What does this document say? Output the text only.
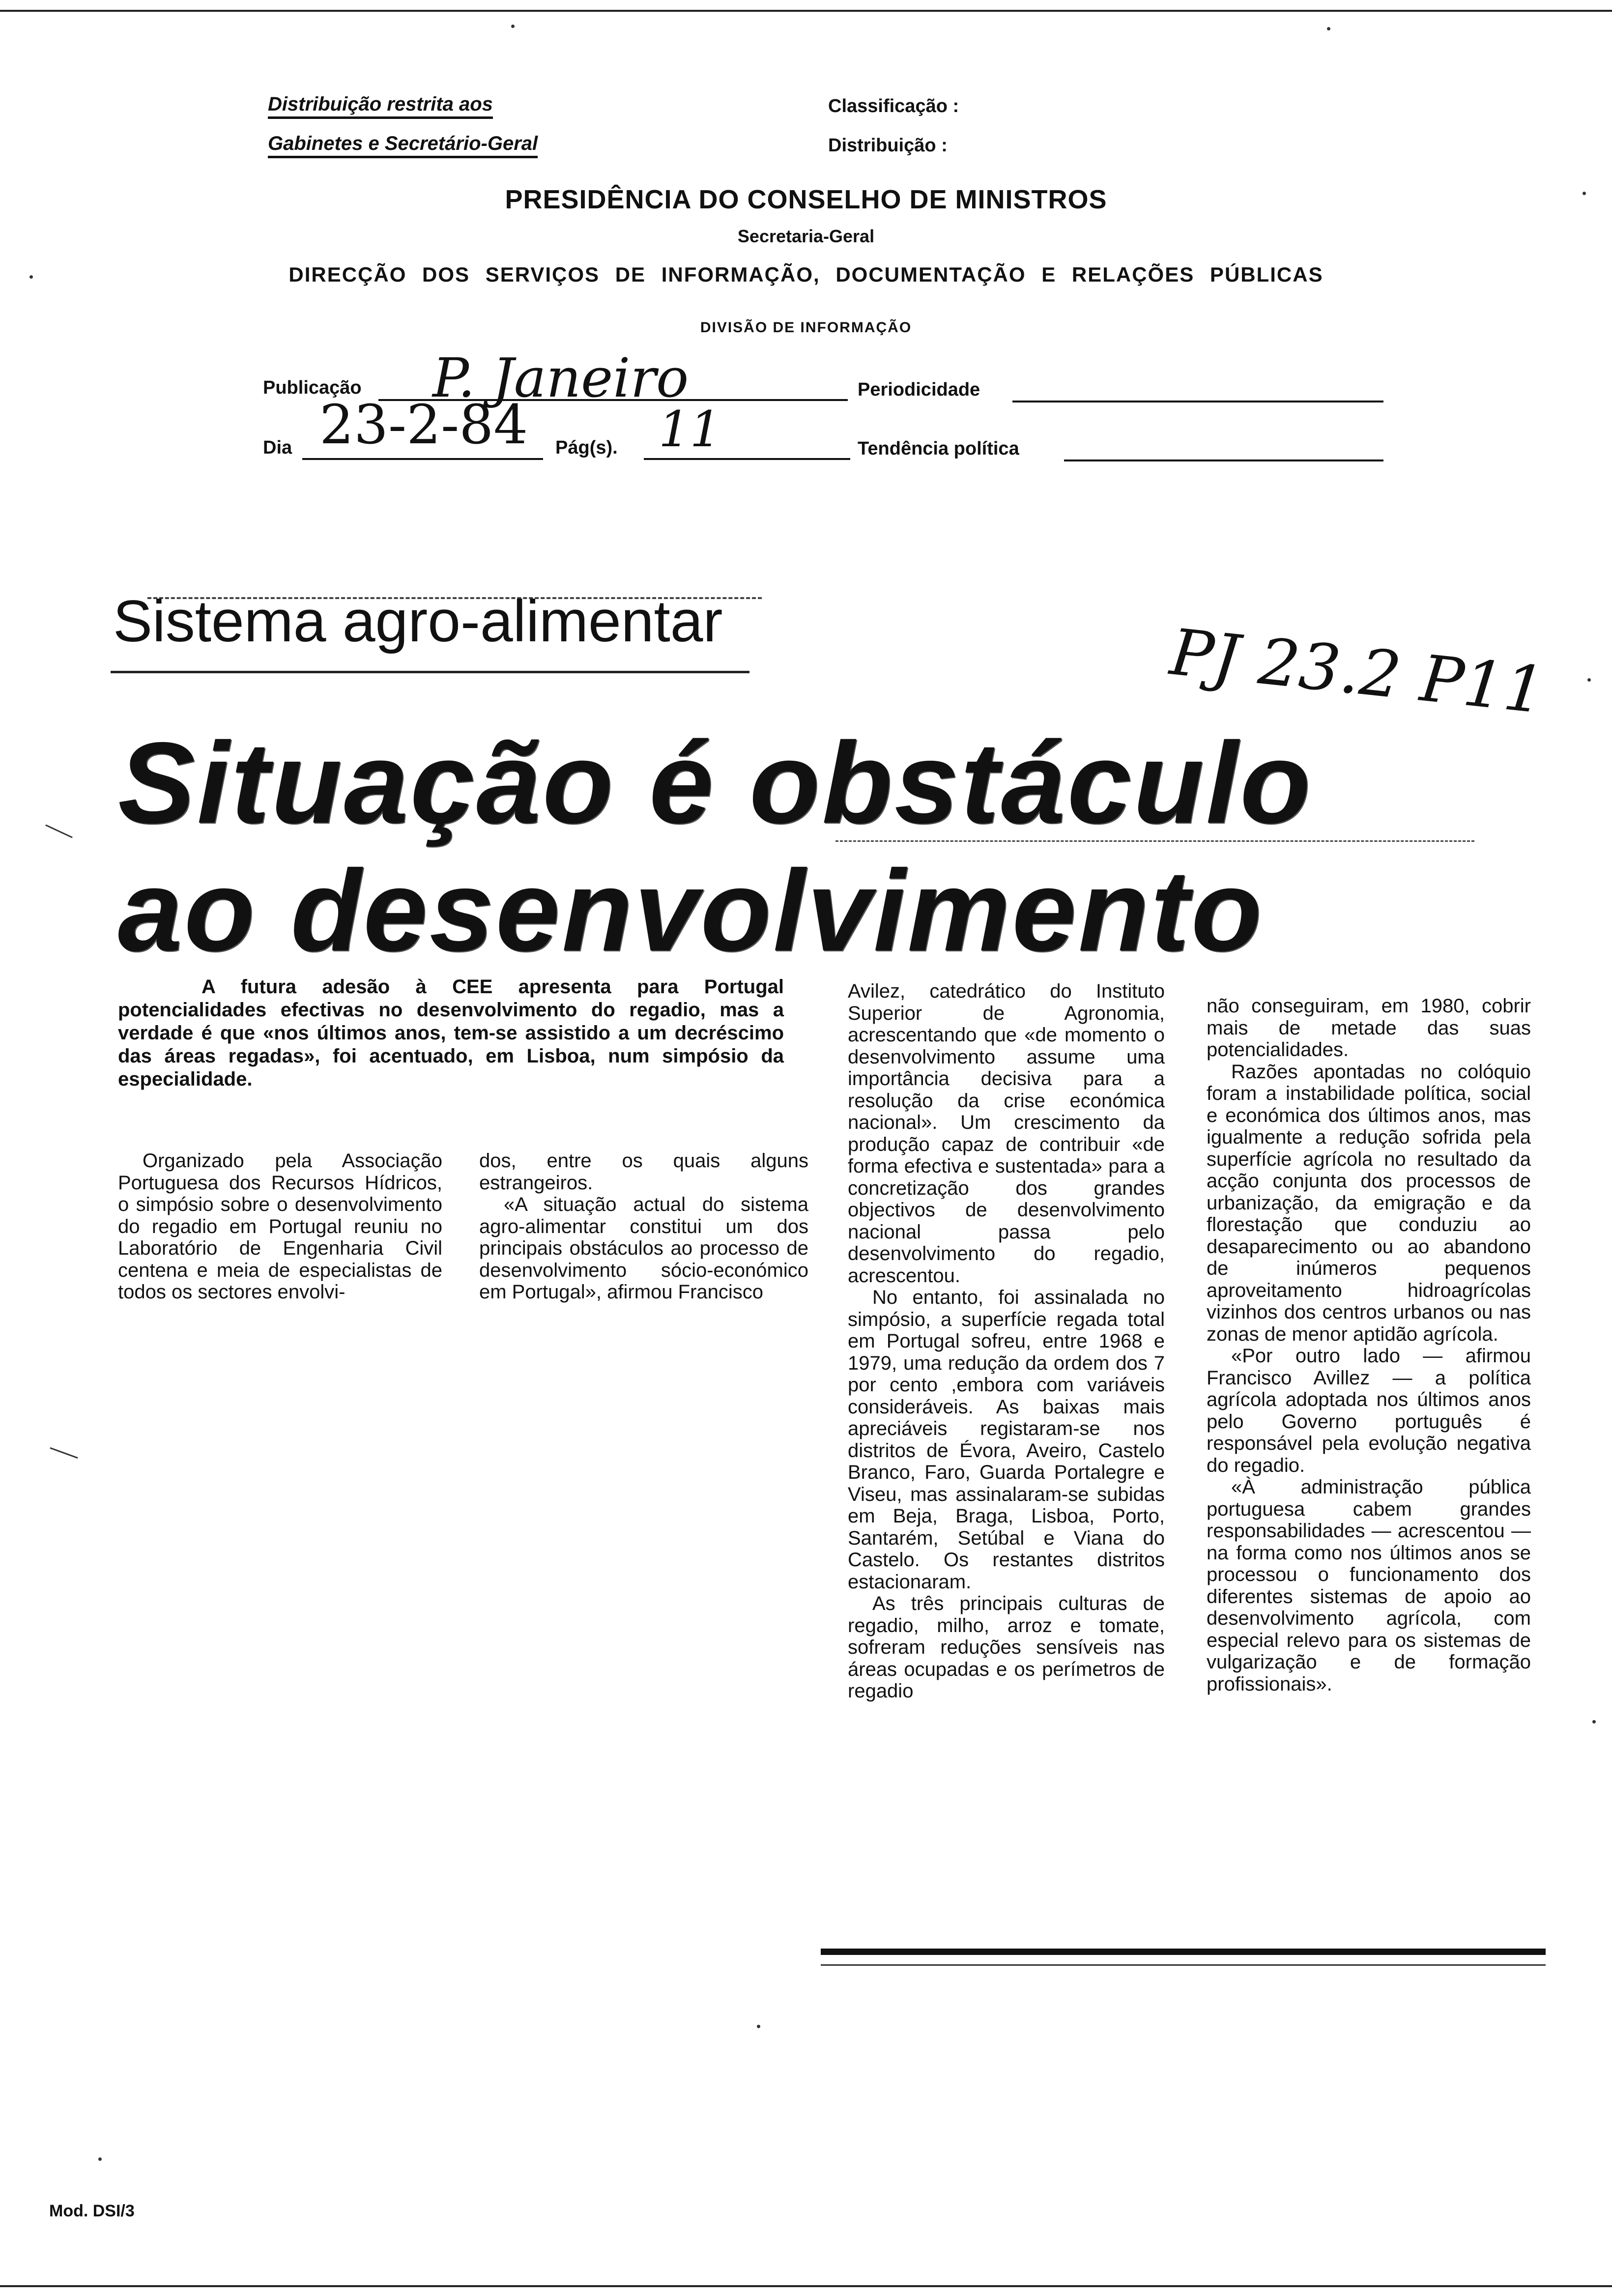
Distribuição restrita aos
Gabinetes e Secretário-Geral
Classificação :
Distribuição :
PRESIDÊNCIA DO CONSELHO DE MINISTROS
Secretaria-Geral
DIRECÇÃO DOS SERVIÇOS DE INFORMAÇÃO, DOCUMENTAÇÃO E RELAÇÕES PÚBLICAS
DIVISÃO DE INFORMAÇÃO
Publicação P. Janeiro	Periodicidade
Dia 23-2-84 Pág(s). 11	Tendência política
Sistema agro-alimentar	PJ 23.2 P11
Situação é obstáculo
ao desenvolvimento

A futura adesão à CEE apresenta para Portugal potencialidades efectivas no desenvolvimento do regadio, mas a verdade é que «nos últimos anos, tem-se assistido a um decréscimo das áreas regadas», foi acentuado, em Lisboa, num simpósio da especialidade.

Organizado pela Associação Portuguesa dos Recursos Hídricos, o simpósio sobre o desenvolvimento do regadio em Portugal reuniu no Laboratório de Engenharia Civil centena e meia de especialistas de todos os sectores envolvi-

dos, entre os quais alguns estrangeiros.

«A situação actual do sistema agro-alimentar constitui um dos principais obstáculos ao processo de desenvolvimento sócio-económico em Portugal», afirmou Francisco

Avilez, catedrático do Instituto Superior de Agronomia, acrescentando que «de momento o desenvolvimento assume uma importância decisiva para a resolução da crise económica nacional». Um crescimento da produção capaz de contribuir «de forma efectiva e sustentada» para a concretização dos grandes objectivos de desenvolvimento nacional passa pelo desenvolvimento do regadio, acrescentou.

No entanto, foi assinalada no simpósio, a superfície regada total em Portugal sofreu, entre 1968 e 1979, uma redução da ordem dos 7 por cento ,embora com variáveis consideráveis. As baixas mais apreciáveis registaram-se nos distritos de Évora, Aveiro, Castelo Branco, Faro, Guarda Portalegre e Viseu, mas assinalaram-se subidas em Beja, Braga, Lisboa, Porto, Santarém, Setúbal e Viana do Castelo. Os restantes distritos estacionaram.

As três principais culturas de regadio, milho, arroz e tomate, sofreram reduções sensíveis nas áreas ocupadas e os perímetros de regadio

não conseguiram, em 1980, cobrir mais de metade das suas potencialidades.

Razões apontadas no colóquio foram a instabilidade política, social e económica dos últimos anos, mas igualmente a redução sofrida pela superfície agrícola no resultado da acção conjunta dos processos de urbanização, da emigração e da florestação que conduziu ao desaparecimento ou ao abandono de inúmeros pequenos aproveitamento hidroagrícolas vizinhos dos centros urbanos ou nas zonas de menor aptidão agrícola.

«Por outro lado — afirmou Francisco Avillez — a política agrícola adoptada nos últimos anos pelo Governo português é responsável pela evolução negativa do regadio.

«À administração pública portuguesa cabem grandes responsabilidades — acrescentou — na forma como nos últimos anos se processou o funcionamento dos diferentes sistemas de apoio ao desenvolvimento agrícola, com especial relevo para os sistemas de vulgarização e de formação profissionais».

Mod. DSI/3
